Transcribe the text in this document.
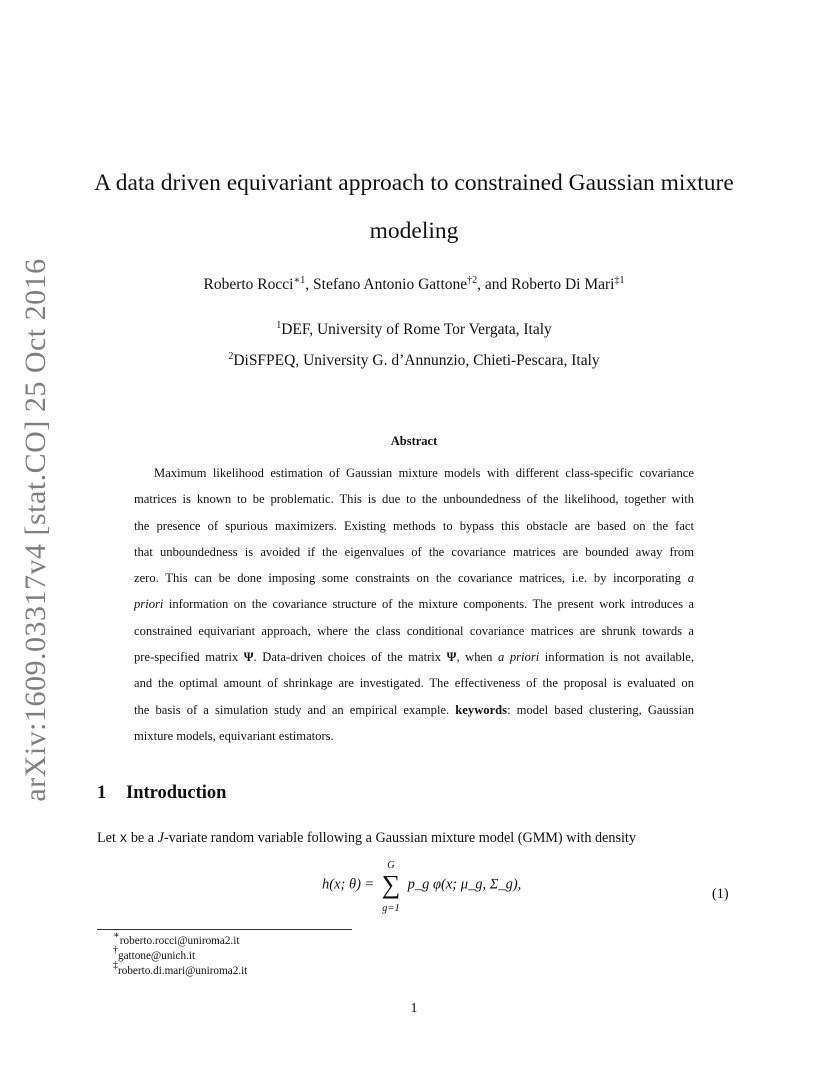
arXiv:1609.03317v4 [stat.CO] 25 Oct 2016
A data driven equivariant approach to constrained Gaussian mixture
modeling
Roberto Rocci$^{∗1}$, Stefano Antonio Gattone$^{\dagger 2}$, and Roberto Di Mari$^{\ddagger 1}$
$^1$DEF, University of Rome Tor Vergata, Italy
$^2$DiSFPEQ, University G. d’Annunzio, Chieti-Pescara, Italy
Abstract
Maximum likelihood estimation of Gaussian mixture models with different class-specific covariance
matrices is known to be problematic. This is due to the unboundedness of the likelihood, together with
the presence of spurious maximizers. Existing methods to bypass this obstacle are based on the fact
that unboundedness is avoided if the eigenvalues of the covariance matrices are bounded away from
zero. This can be done imposing some constraints on the covariance matrices, i.e. by incorporating a
priori information on the covariance structure of the mixture components. The present work introduces a
constrained equivariant approach, where the class conditional covariance matrices are shrunk towards a
pre-specified matrix Ψ. Data-driven choices of the matrix Ψ, when a priori information is not available,
and the optimal amount of shrinkage are investigated. The effectiveness of the proposal is evaluated on
the basis of a simulation study and an empirical example. keywords: model based clustering, Gaussian
mixture models, equivariant estimators.
1 Introduction
Let x be a J-variate random variable following a Gaussian mixture model (GMM) with density
h(x; θ) =
G
∑
g=1
p_g φ(x; μ_g, Σ_g),
(1)
∗roberto.rocci@uniroma2.it
†gattone@unich.it
‡roberto.di.mari@uniroma2.it
1
